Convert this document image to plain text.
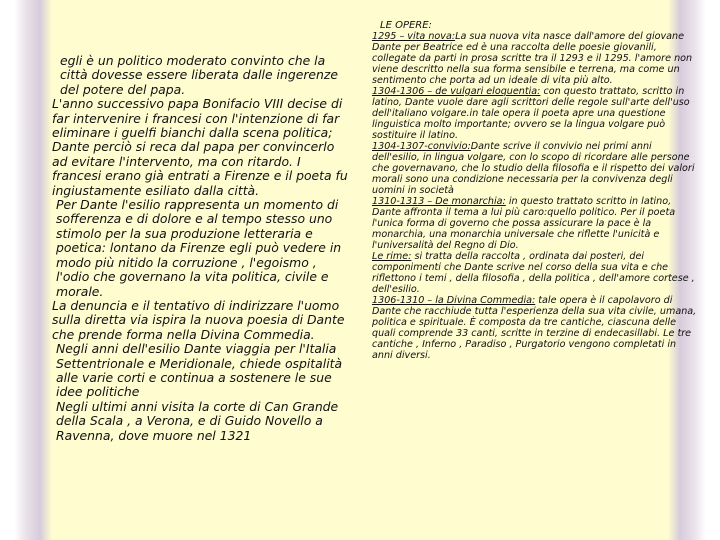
egli è un politico moderato convinto che la città dovesse essere liberata dalle ingerenze del potere del papa.

L'anno successivo papa Bonifacio VIII decise di far intervenire i francesi con l'intenzione di far eliminare i guelfi bianchi dalla scena politica; Dante perciò si reca dal papa per convincerlo ad evitare l'intervento, ma con ritardo. I francesi erano già entrati a Firenze e il poeta fu ingiustamente esiliato dalla città.

Per Dante l'esilio rappresenta un momento di sofferenza e di dolore e al tempo stesso uno stimolo per la sua produzione letteraria e poetica: lontano da Firenze egli può vedere in modo più nitido la corruzione , l'egoismo , l'odio che governano la vita politica, civile e morale.

La denuncia e il tentativo di indirizzare l'uomo sulla diretta via ispira la nuova poesia di Dante che prende forma nella Divina Commedia.

Negli anni dell'esilio Dante viaggia per l'Italia Settentrionale e Meridionale, chiede ospitalità alle varie corti e continua a sostenere le sue idee politiche

Negli ultimi anni visita la corte di Can Grande della Scala , a Verona, e di Guido Novello a Ravenna, dove muore nel 1321

LE OPERE:

1295 – vita nova:La sua nuova vita nasce dall'amore del giovane Dante per Beatrice ed è una raccolta delle poesie giovanili, collegate da parti in prosa scritte tra il 1293 e il 1295. l'amore non viene descritto nella sua forma sensibile e terrena, ma come un sentimento che porta ad un ideale di vita più alto.

1304-1306 – de vulgari eloquentia: con questo trattato, scritto in latino, Dante vuole dare agli scrittori delle regole sull'arte dell'uso dell'italiano volgare.in tale opera il poeta apre una questione linguistica molto importante; ovvero se la lingua volgare può sostituire il latino.

1304-1307-convivio:Dante scrive il convivio nei primi anni dell'esilio, in lingua volgare, con lo scopo di ricordare alle persone che governavano, che lo studio della filosofia e il rispetto dei valori morali sono una condizione necessaria per la convivenza degli uomini in società

1310-1313 – De monarchia: in questo trattato scritto in latino, Dante affronta il tema a lui più caro:quello politico. Per il poeta l'unica forma di governo che possa assicurare la pace è la monarchia, una monarchia universale che riflette l'unicità e l'universalità del Regno di Dio.

Le rime: si tratta della raccolta , ordinata dai posteri, dei componimenti che Dante scrive nel corso della sua vita e che riflettono i temi , della filosofia , della politica , dell'amore cortese , dell'esilio.

1306-1310 – la Divina Commedia: tale opera è il capolavoro di Dante che racchiude tutta l'esperienza della sua vita civile, umana, politica e spirituale. È composta da tre cantiche, ciascuna delle quali comprende 33 canti, scritte in terzine di endecasillabi. Le tre cantiche , Inferno , Paradiso , Purgatorio vengono completati in anni diversi.
